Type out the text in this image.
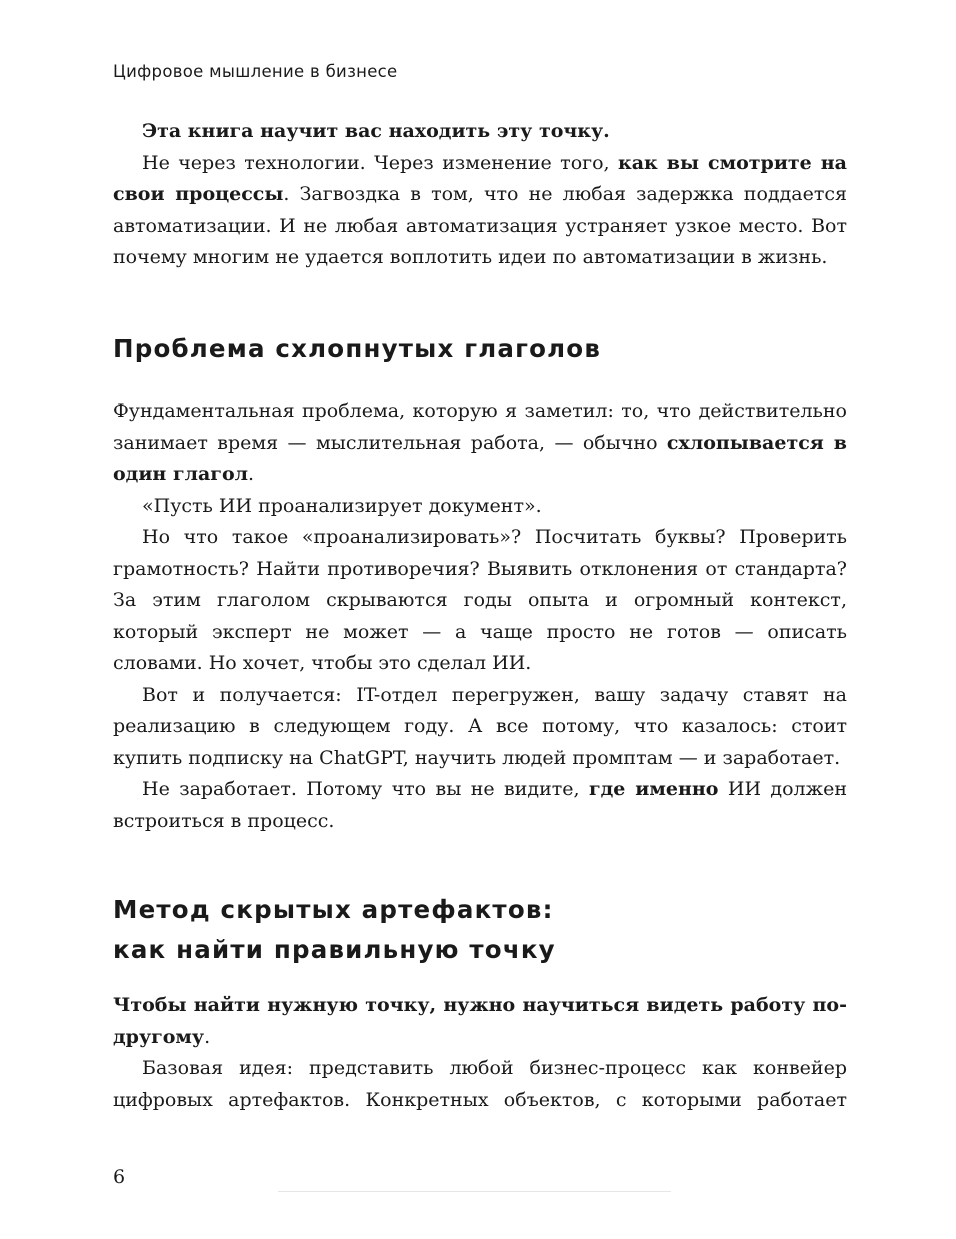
Цифровое мышление в бизнесе

Эта книга научит вас находить эту точку.

Не через технологии. Через изменение того, как вы смотрите на свои процессы. Загвоздка в том, что не любая задержка поддается автоматизации. И не любая автоматизация устраняет узкое место. Вот почему многим не удается воплотить идеи по автоматизации в жизнь.

Проблема схлопнутых глаголов

Фундаментальная проблема, которую я заметил: то, что действительно занимает время — мыслительная работа, — обычно схлопывается в один глагол.

«Пусть ИИ проанализирует документ».

Но что такое «проанализировать»? Посчитать буквы? Проверить грамотность? Найти противоречия? Выявить отклонения от стандарта? За этим глаголом скрываются годы опыта и огромный контекст, который эксперт не может — а чаще просто не готов — описать словами. Но хочет, чтобы это сделал ИИ.

Вот и получается: IT-отдел перегружен, вашу задачу ставят на реализацию в следующем году. А все потому, что казалось: стоит купить подписку на ChatGPT, научить людей промптам — и заработает.

Не заработает. Потому что вы не видите, где именно ИИ должен встроиться в процесс.

Метод скрытых артефактов:
как найти правильную точку

Чтобы найти нужную точку, нужно научиться видеть работу подругому.

Базовая идея: представить любой бизнес-процесс как конвейер цифровых артефактов. Конкретных объектов, с которыми работает

6
